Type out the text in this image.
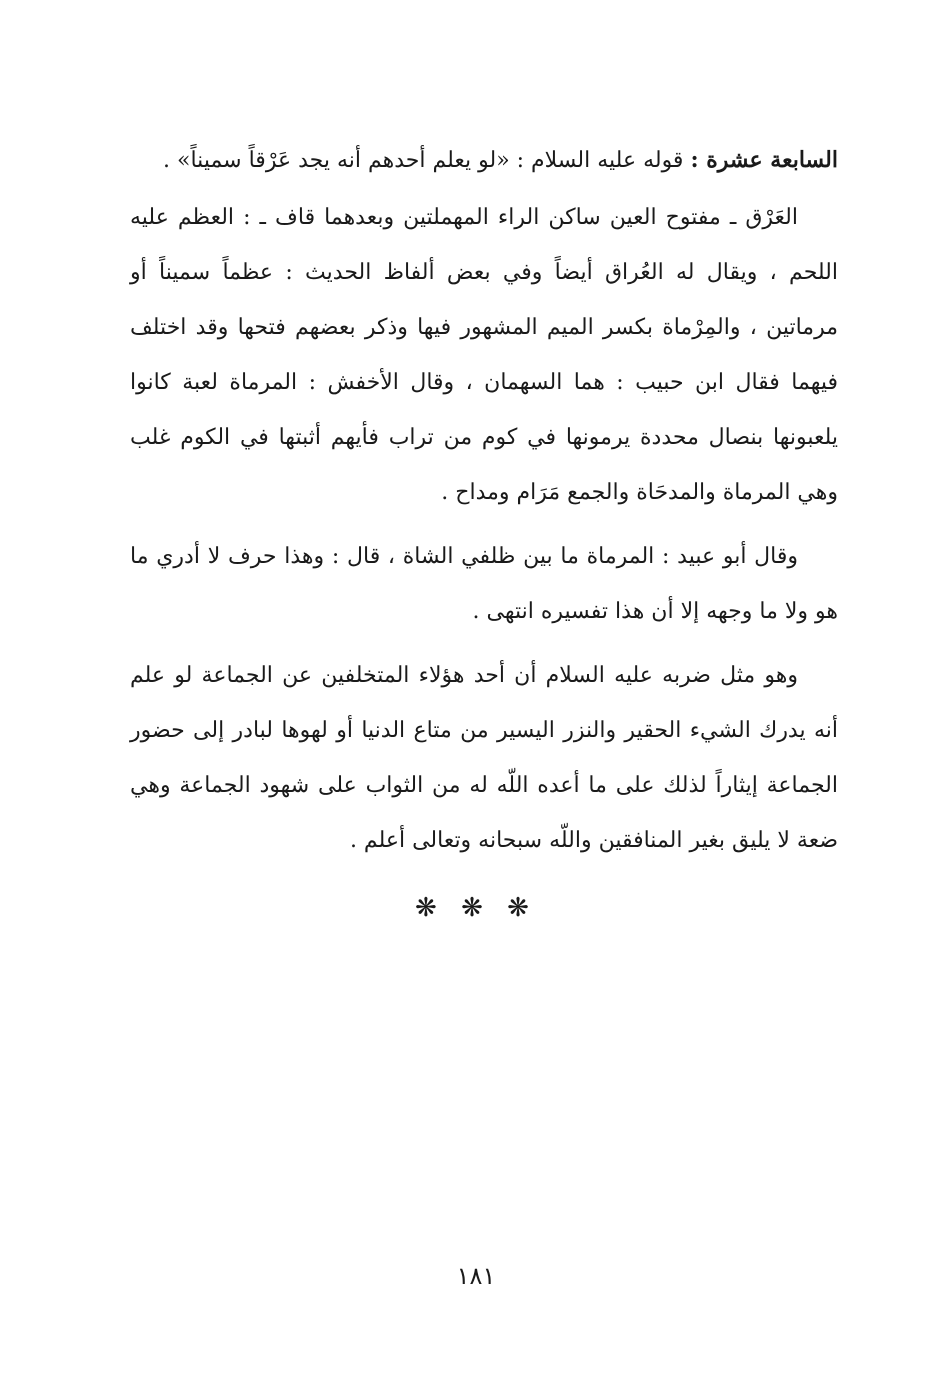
السابعة عشرة : قوله عليه السلام : «لو يعلم أحدهم أنه يجد عَرْقاً سميناً» .

العَرْق ـ مفتوح العين ساكن الراء المهملتين وبعدهما قاف ـ : العظم عليه اللحم ، ويقال له العُراق أيضاً وفي بعض ألفاظ الحديث : عظماً سميناً أو مرماتين ، والمِرْماة بكسر الميم المشهور فيها وذكر بعضهم فتحها وقد اختلف فيهما فقال ابن حبيب : هما السهمان ، وقال الأخفش : المرماة لعبة كانوا يلعبونها بنصال محددة يرمونها في كوم من تراب فأيهم أثبتها في الكوم غلب وهي المرماة والمدحَاة والجمع مَرَام ومداح .

وقال أبو عبيد : المرماة ما بين ظلفي الشاة ، قال : وهذا حرف لا أدري ما هو ولا ما وجهه إلا أن هذا تفسيره انتهى .

وهو مثل ضربه عليه السلام أن أحد هؤلاء المتخلفين عن الجماعة لو علم أنه يدرك الشيء الحقير والنزر اليسير من متاع الدنيا أو لهوها لبادر إلى حضور الجماعة إيثاراً لذلك على ما أعده اللّه له من الثواب على شهود الجماعة وهي ضعة لا يليق بغير المنافقين واللّه سبحانه وتعالى أعلم .

❋ ❋ ❋
١٨١
